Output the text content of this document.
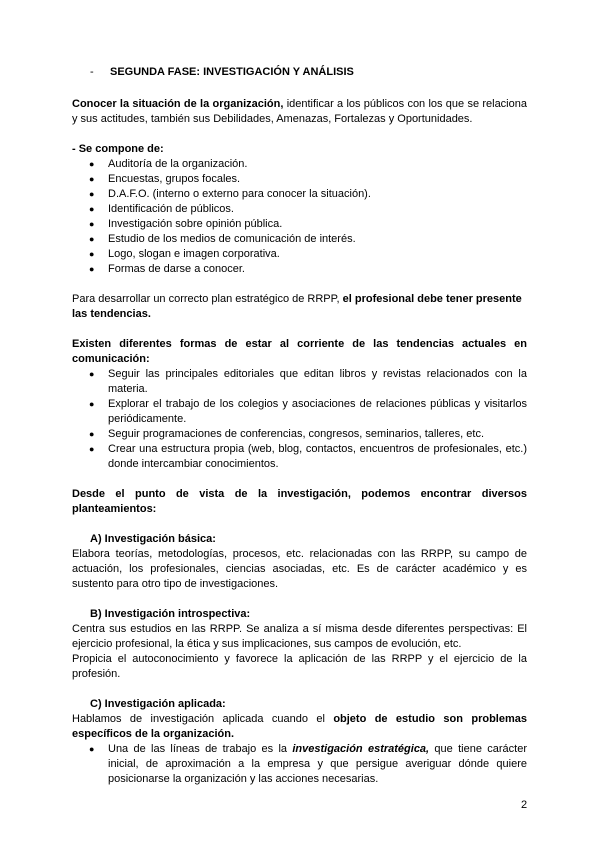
- SEGUNDA FASE: INVESTIGACIÓN Y ANÁLISIS

Conocer la situación de la organización, identificar a los públicos con los que se relaciona y sus actitudes, también sus Debilidades, Amenazas, Fortalezas y Oportunidades.

- Se compone de:

● Auditoría de la organización.
● Encuestas, grupos focales.
● D.A.F.O. (interno o externo para conocer la situación).
● Identificación de públicos.
● Investigación sobre opinión pública.
● Estudio de los medios de comunicación de interés.
● Logo, slogan e imagen corporativa.
● Formas de darse a conocer.

Para desarrollar un correcto plan estratégico de RRPP, el profesional debe tener presente las tendencias.

Existen diferentes formas de estar al corriente de las tendencias actuales en comunicación:

● Seguir las principales editoriales que editan libros y revistas relacionados con la materia.
● Explorar el trabajo de los colegios y asociaciones de relaciones públicas y visitarlos periódicamente.
● Seguir programaciones de conferencias, congresos, seminarios, talleres, etc.
● Crear una estructura propia (web, blog, contactos, encuentros de profesionales, etc.) donde intercambiar conocimientos.

Desde el punto de vista de la investigación, podemos encontrar diversos planteamientos:

A) Investigación básica:

Elabora teorías, metodologías, procesos, etc. relacionadas con las RRPP, su campo de actuación, los profesionales, ciencias asociadas, etc. Es de carácter académico y es sustento para otro tipo de investigaciones.

B) Investigación introspectiva:

Centra sus estudios en las RRPP. Se analiza a sí misma desde diferentes perspectivas: El ejercicio profesional, la ética y sus implicaciones, sus campos de evolución, etc.

Propicia el autoconocimiento y favorece la aplicación de las RRPP y el ejercicio de la profesión.

C) Investigación aplicada:

Hablamos de investigación aplicada cuando el objeto de estudio son problemas específicos de la organización.

● Una de las líneas de trabajo es la investigación estratégica, que tiene carácter inicial, de aproximación a la empresa y que persigue averiguar dónde quiere posicionarse la organización y las acciones necesarias.
2
